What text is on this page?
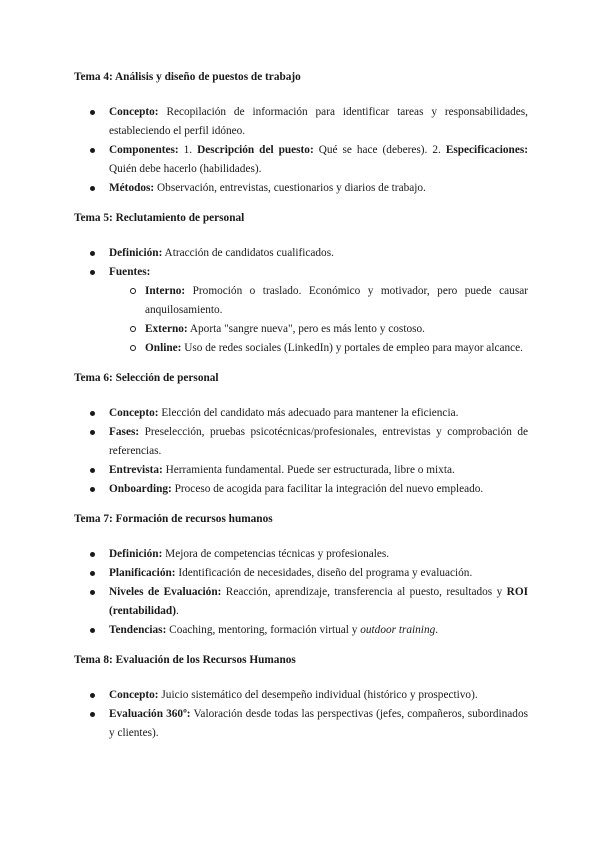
Tema 4: Análisis y diseño de puestos de trabajo
Concepto: Recopilación de información para identificar tareas y responsabilidades, estableciendo el perfil idóneo.
Componentes: 1. Descripción del puesto: Qué se hace (deberes). 2. Especificaciones: Quién debe hacerlo (habilidades).
Métodos: Observación, entrevistas, cuestionarios y diarios de trabajo.
Tema 5: Reclutamiento de personal
Definición: Atracción de candidatos cualificados.
Fuentes:
Interno: Promoción o traslado. Económico y motivador, pero puede causar anquilosamiento.
Externo: Aporta "sangre nueva", pero es más lento y costoso.
Online: Uso de redes sociales (LinkedIn) y portales de empleo para mayor alcance.
Tema 6: Selección de personal
Concepto: Elección del candidato más adecuado para mantener la eficiencia.
Fases: Preselección, pruebas psicotécnicas/profesionales, entrevistas y comprobación de referencias.
Entrevista: Herramienta fundamental. Puede ser estructurada, libre o mixta.
Onboarding: Proceso de acogida para facilitar la integración del nuevo empleado.
Tema 7: Formación de recursos humanos
Definición: Mejora de competencias técnicas y profesionales.
Planificación: Identificación de necesidades, diseño del programa y evaluación.
Niveles de Evaluación: Reacción, aprendizaje, transferencia al puesto, resultados y ROI (rentabilidad).
Tendencias: Coaching, mentoring, formación virtual y outdoor training.
Tema 8: Evaluación de los Recursos Humanos
Concepto: Juicio sistemático del desempeño individual (histórico y prospectivo).
Evaluación 360º: Valoración desde todas las perspectivas (jefes, compañeros, subordinados y clientes).
